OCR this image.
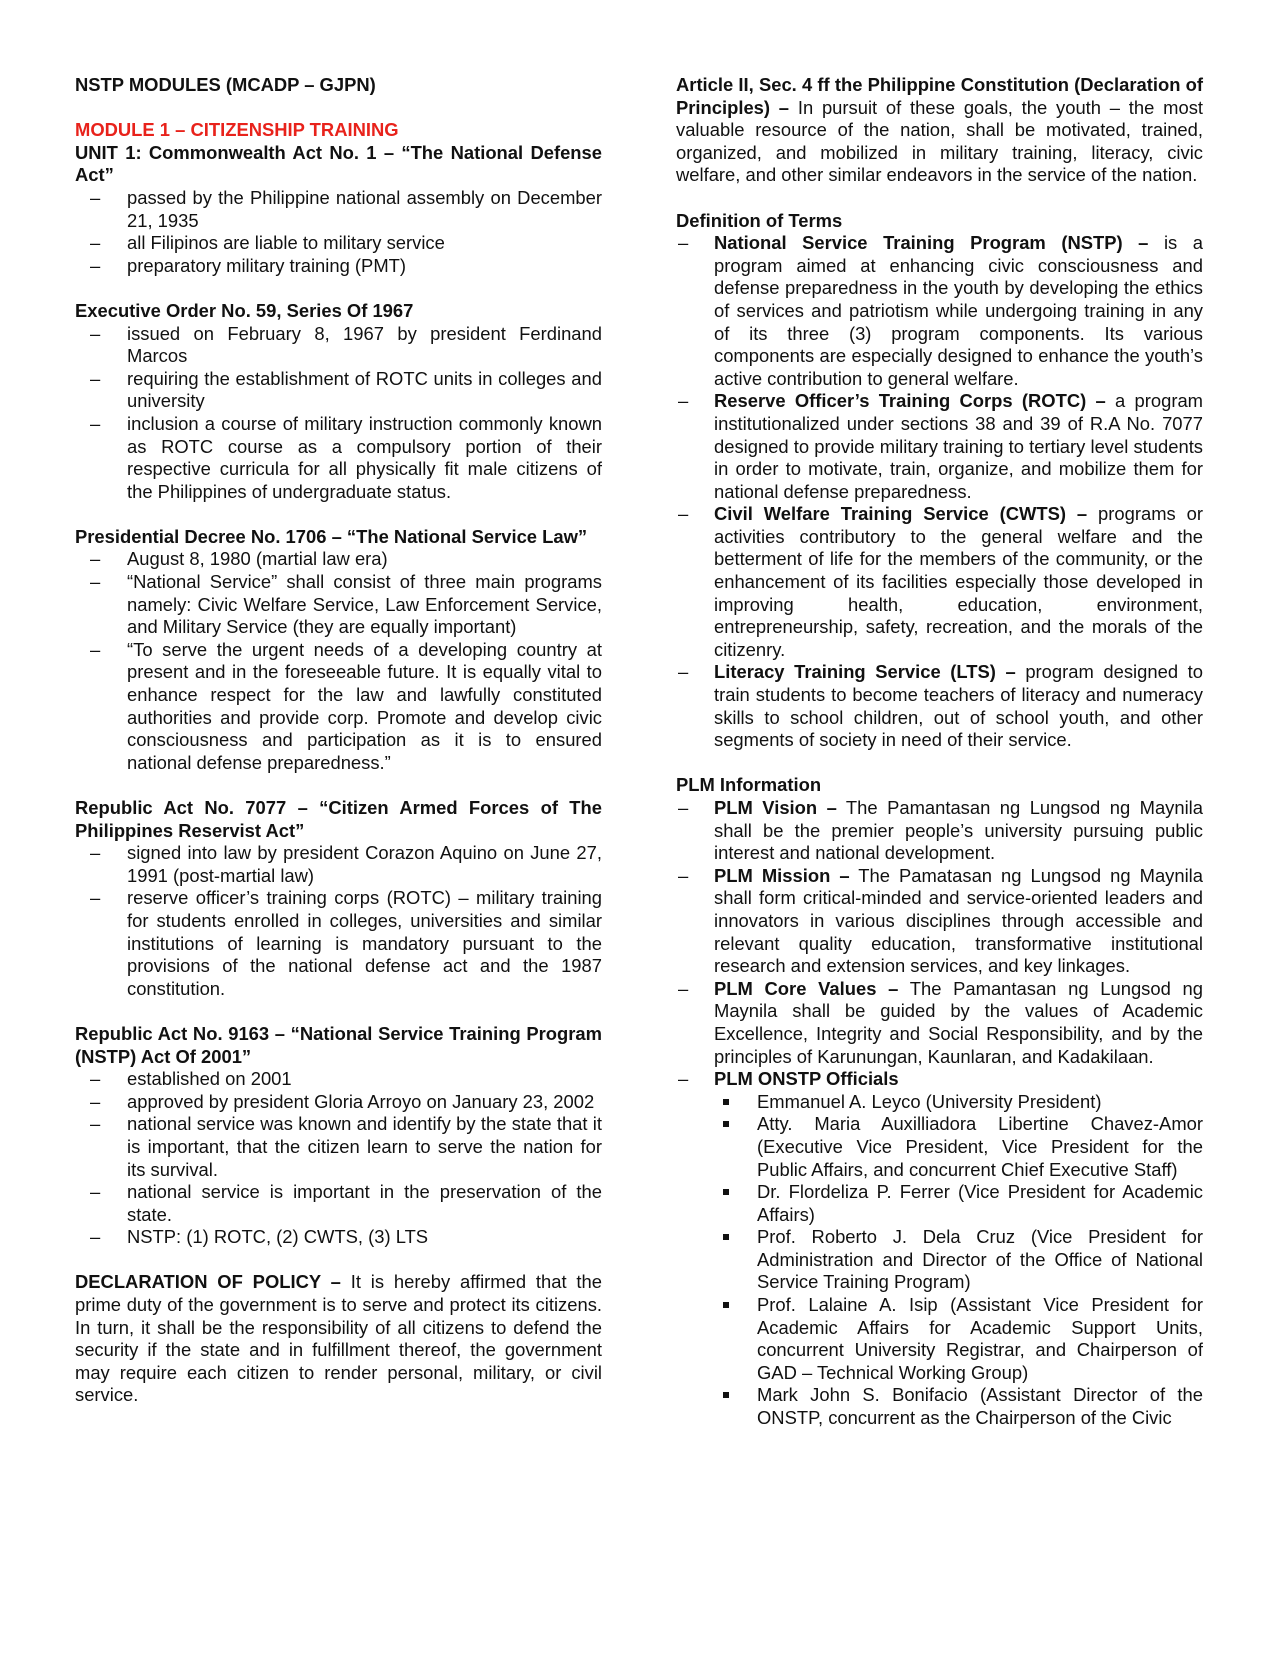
NSTP MODULES (MCADP – GJPN)
MODULE 1 – CITIZENSHIP TRAINING
UNIT 1: Commonwealth Act No. 1 – “The National Defense Act”
– passed by the Philippine national assembly on December 21, 1935
– all Filipinos are liable to military service
– preparatory military training (PMT)
Executive Order No. 59, Series Of 1967
– issued on February 8, 1967 by president Ferdinand Marcos
– requiring the establishment of ROTC units in colleges and university
– inclusion a course of military instruction commonly known as ROTC course as a compulsory portion of their respective curricula for all physically fit male citizens of the Philippines of undergraduate status.
Presidential Decree No. 1706 – “The National Service Law”
– August 8, 1980 (martial law era)
– “National Service” shall consist of three main programs namely: Civic Welfare Service, Law Enforcement Service, and Military Service (they are equally important)
– “To serve the urgent needs of a developing country at present and in the foreseeable future. It is equally vital to enhance respect for the law and lawfully constituted authorities and provide corp. Promote and develop civic consciousness and participation as it is to ensured national defense preparedness.”
Republic Act No. 7077 – “Citizen Armed Forces of The Philippines Reservist Act”
– signed into law by president Corazon Aquino on June 27, 1991 (post-martial law)
– reserve officer’s training corps (ROTC) – military training for students enrolled in colleges, universities and similar institutions of learning is mandatory pursuant to the provisions of the national defense act and the 1987 constitution.
Republic Act No. 9163 – “National Service Training Program (NSTP) Act Of 2001”
– established on 2001
– approved by president Gloria Arroyo on January 23, 2002
– national service was known and identify by the state that it is important, that the citizen learn to serve the nation for its survival.
– national service is important in the preservation of the state.
– NSTP: (1) ROTC, (2) CWTS, (3) LTS
DECLARATION OF POLICY – It is hereby affirmed that the prime duty of the government is to serve and protect its citizens. In turn, it shall be the responsibility of all citizens to defend the security if the state and in fulfillment thereof, the government may require each citizen to render personal, military, or civil service.
Article II, Sec. 4 ff the Philippine Constitution (Declaration of Principles) – In pursuit of these goals, the youth – the most valuable resource of the nation, shall be motivated, trained, organized, and mobilized in military training, literacy, civic welfare, and other similar endeavors in the service of the nation.
Definition of Terms
– National Service Training Program (NSTP) – is a program aimed at enhancing civic consciousness and defense preparedness in the youth by developing the ethics of services and patriotism while undergoing training in any of its three (3) program components. Its various components are especially designed to enhance the youth’s active contribution to general welfare.
– Reserve Officer’s Training Corps (ROTC) – a program institutionalized under sections 38 and 39 of R.A No. 7077 designed to provide military training to tertiary level students in order to motivate, train, organize, and mobilize them for national defense preparedness.
– Civil Welfare Training Service (CWTS) – programs or activities contributory to the general welfare and the betterment of life for the members of the community, or the enhancement of its facilities especially those developed in improving health, education, environment, entrepreneurship, safety, recreation, and the morals of the citizenry.
– Literacy Training Service (LTS) – program designed to train students to become teachers of literacy and numeracy skills to school children, out of school youth, and other segments of society in need of their service.
PLM Information
– PLM Vision – The Pamantasan ng Lungsod ng Maynila shall be the premier people’s university pursuing public interest and national development.
– PLM Mission – The Pamatasan ng Lungsod ng Maynila shall form critical-minded and service-oriented leaders and innovators in various disciplines through accessible and relevant quality education, transformative institutional research and extension services, and key linkages.
– PLM Core Values – The Pamantasan ng Lungsod ng Maynila shall be guided by the values of Academic Excellence, Integrity and Social Responsibility, and by the principles of Karunungan, Kaunlaran, and Kadakilaan.
– PLM ONSTP Officials
Emmanuel A. Leyco (University President)
Atty. Maria Auxilliadora Libertine Chavez-Amor (Executive Vice President, Vice President for the Public Affairs, and concurrent Chief Executive Staff)
Dr. Flordeliza P. Ferrer (Vice President for Academic Affairs)
Prof. Roberto J. Dela Cruz (Vice President for Administration and Director of the Office of National Service Training Program)
Prof. Lalaine A. Isip (Assistant Vice President for Academic Affairs for Academic Support Units, concurrent University Registrar, and Chairperson of GAD – Technical Working Group)
Mark John S. Bonifacio (Assistant Director of the ONSTP, concurrent as the Chairperson of the Civic
